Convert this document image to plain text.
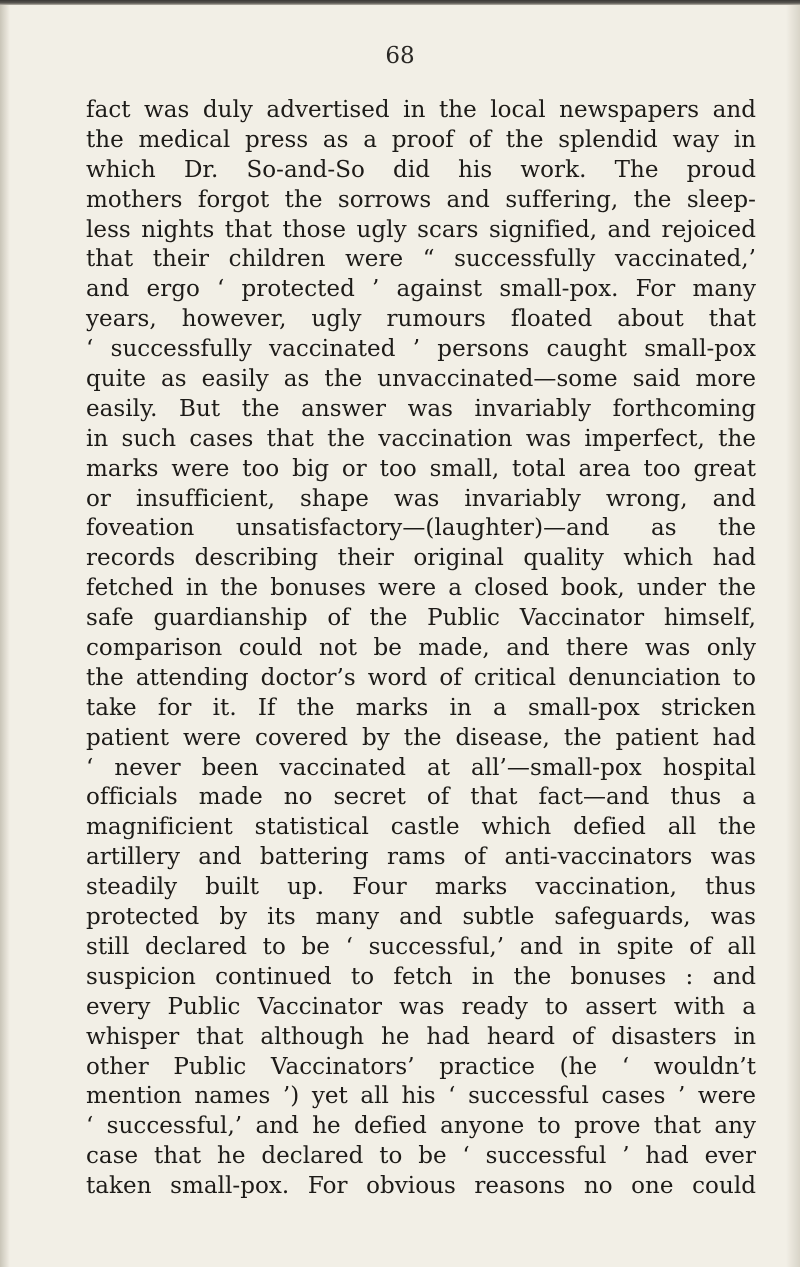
68
fact was duly advertised in the local newspapers and
the medical press as a proof of the splendid way in
which Dr. So-and-So did his work. The proud
mothers forgot the sorrows and suffering, the sleep-
less nights that those ugly scars signified, and rejoiced
that their children were “ successfully vaccinated,’
and ergo ‘ protected ’ against small-pox. For many
years, however, ugly rumours floated about that
‘ successfully vaccinated ’ persons caught small-pox
quite as easily as the unvaccinated—some said more
easily. But the answer was invariably forthcoming
in such cases that the vaccination was imperfect, the
marks were too big or too small, total area too great
or insufficient, shape was invariably wrong, and
foveation unsatisfactory—(laughter)—and as the
records describing their original quality which had
fetched in the bonuses were a closed book, under the
safe guardianship of the Public Vaccinator himself,
comparison could not be made, and there was only
the attending doctor’s word of critical denunciation to
take for it. If the marks in a small-pox stricken
patient were covered by the disease, the patient had
‘ never been vaccinated at all’—small-pox hospital
officials made no secret of that fact—and thus a
magnificient statistical castle which defied all the
artillery and battering rams of anti-vaccinators was
steadily built up. Four marks vaccination, thus
protected by its many and subtle safeguards, was
still declared to be ‘ successful,’ and in spite of all
suspicion continued to fetch in the bonuses : and
every Public Vaccinator was ready to assert with a
whisper that although he had heard of disasters in
other Public Vaccinators’ practice (he ‘ wouldn’t
mention names ’) yet all his ‘ successful cases ’ were
‘ successful,’ and he defied anyone to prove that any
case that he declared to be ‘ successful ’ had ever
taken small-pox. For obvious reasons no one could
